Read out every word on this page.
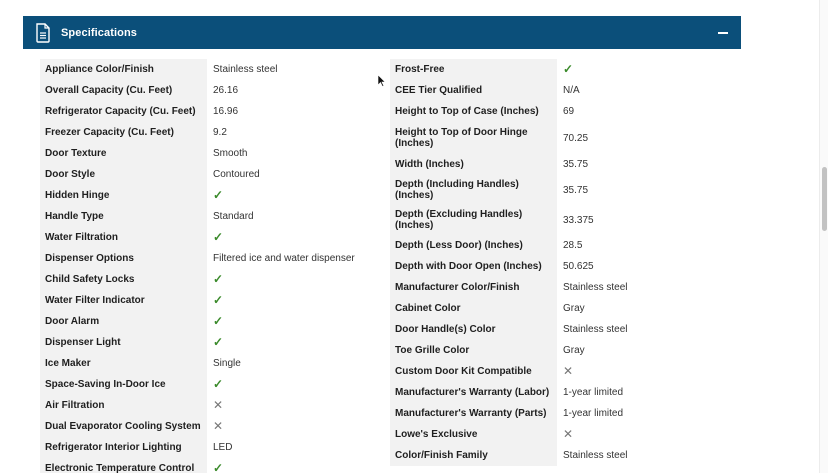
Specifications
Appliance Color/Finish	Stainless steel
Overall Capacity (Cu. Feet)	26.16
Refrigerator Capacity (Cu. Feet)	16.96
Freezer Capacity (Cu. Feet)	9.2
Door Texture	Smooth
Door Style	Contoured
Hidden Hinge	✓
Handle Type	Standard
Water Filtration	✓
Dispenser Options	Filtered ice and water dispenser
Child Safety Locks	✓
Water Filter Indicator	✓
Door Alarm	✓
Dispenser Light	✓
Ice Maker	Single
Space-Saving In-Door Ice	✓
Air Filtration	✕
Dual Evaporator Cooling System	✕
Refrigerator Interior Lighting	LED
Electronic Temperature Control	✓
Frost-Free	✓
CEE Tier Qualified	N/A
Height to Top of Case (Inches)	69
Height to Top of Door Hinge (Inches)	70.25
Width (Inches)	35.75
Depth (Including Handles) (Inches)	35.75
Depth (Excluding Handles) (Inches)	33.375
Depth (Less Door) (Inches)	28.5
Depth with Door Open (Inches)	50.625
Manufacturer Color/Finish	Stainless steel
Cabinet Color	Gray
Door Handle(s) Color	Stainless steel
Toe Grille Color	Gray
Custom Door Kit Compatible	✕
Manufacturer's Warranty (Labor)	1-year limited
Manufacturer's Warranty (Parts)	1-year limited
Lowe's Exclusive	✕
Color/Finish Family	Stainless steel
